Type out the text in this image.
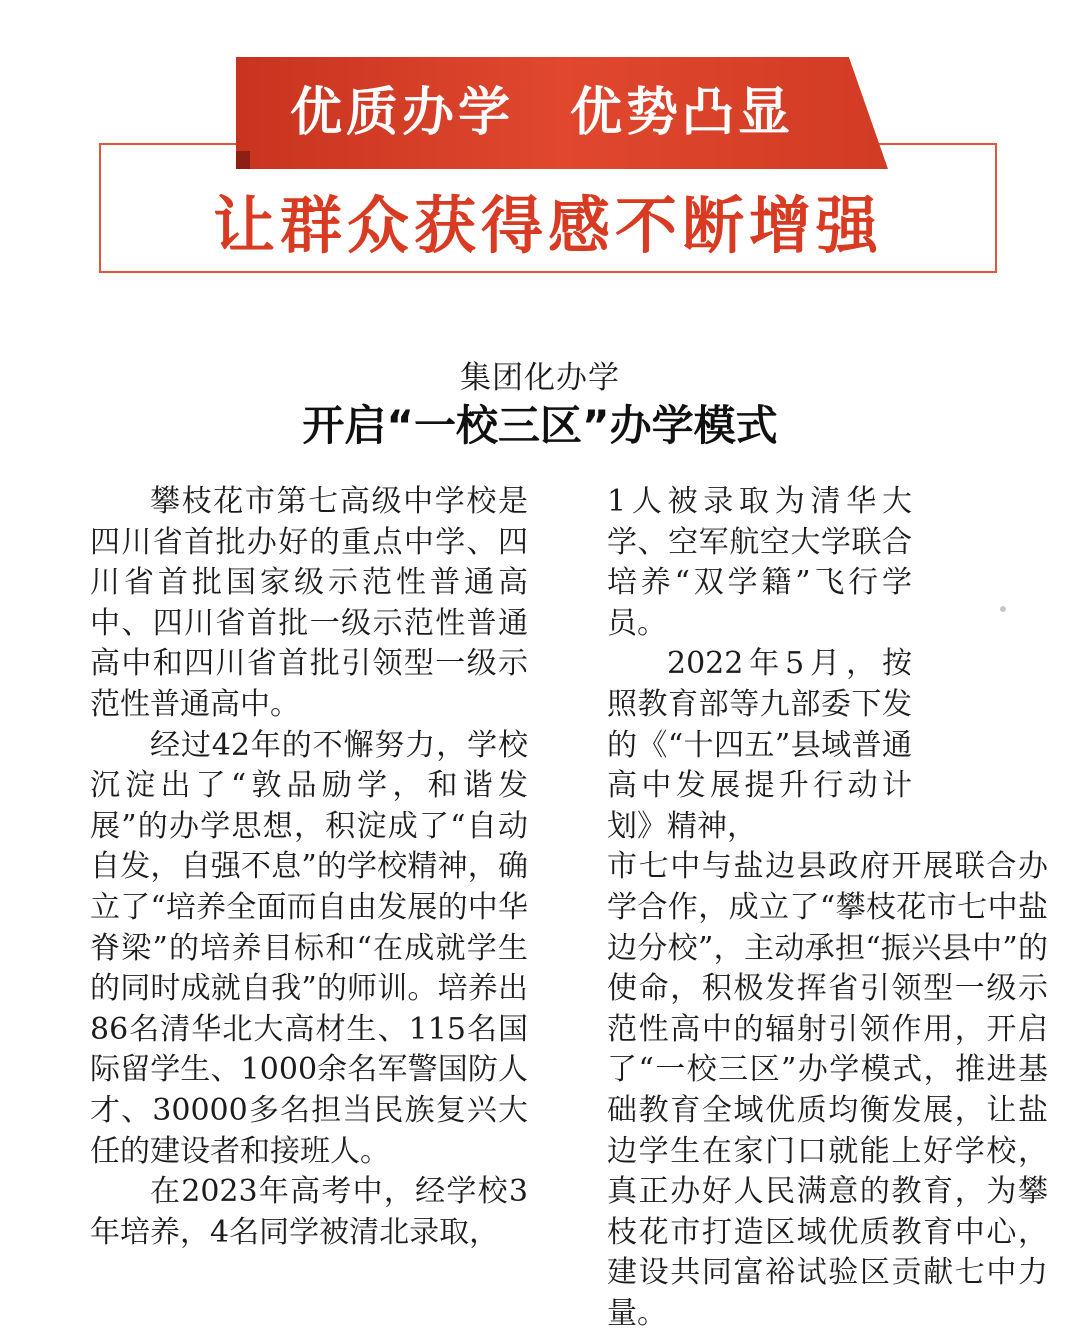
优质办学　优势凸显
让群众获得感不断增强
集团化办学
开启“一校三区”办学模式

攀枝花市第七高级中学校是四川省首批办好的重点中学、四川省首批国家级示范性普通高中、四川省首批一级示范性普通高中和四川省首批引领型一级示范性普通高中。

经过42年的不懈努力，学校沉淀出了“敦品励学，和谐发展”的办学思想，积淀成了“自动自发，自强不息”的学校精神，确立了“培养全面而自由发展的中华脊梁”的培养目标和“在成就学生的同时成就自我”的师训。培养出86名清华北大高材生、115名国际留学生、1000余名军警国防人才、30000多名担当民族复兴大任的建设者和接班人。

在2023年高考中，经学校3年培养，4名同学被清北录取，

1人被录取为清华大学、空军航空大学联合培养“双学籍”飞行学员。

2022年5月，按照教育部等九部委下发的《“十四五”县域普通高中发展提升行动计划》精神，

市七中与盐边县政府开展联合办学合作，成立了“攀枝花市七中盐边分校”，主动承担“振兴县中”的使命，积极发挥省引领型一级示范性高中的辐射引领作用，开启了“一校三区”办学模式，推进基础教育全域优质均衡发展，让盐边学生在家门口就能上好学校，真正办好人民满意的教育，为攀枝花市打造区域优质教育中心，建设共同富裕试验区贡献七中力量。
